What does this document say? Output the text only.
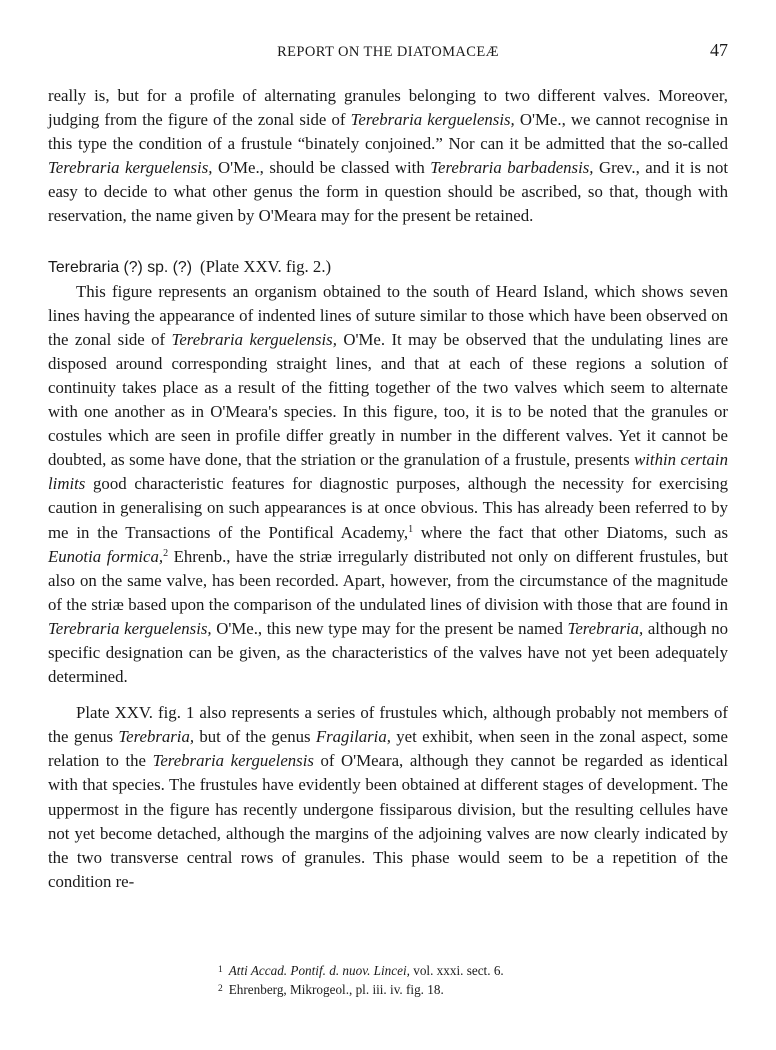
REPORT ON THE DIATOMACEÆ	47

really is, but for a profile of alternating granules belonging to two different valves. Moreover, judging from the figure of the zonal side of Terebraria kerguelensis, O'Me., we cannot recognise in this type the condition of a frustule “binately conjoined.” Nor can it be admitted that the so-called Terebraria kerguelensis, O'Me., should be classed with Terebraria barbadensis, Grev., and it is not easy to decide to what other genus the form in question should be ascribed, so that, though with reservation, the name given by O'Meara may for the present be retained.

Terebraria (?) sp. (?) (Plate XXV. fig. 2.)

This figure represents an organism obtained to the south of Heard Island, which shows seven lines having the appearance of indented lines of suture similar to those which have been observed on the zonal side of Terebraria kerguelensis, O'Me. It may be observed that the undulating lines are disposed around corresponding straight lines, and that at each of these regions a solution of continuity takes place as a result of the fitting together of the two valves which seem to alternate with one another as in O'Meara's species. In this figure, too, it is to be noted that the granules or costules which are seen in profile differ greatly in number in the different valves. Yet it cannot be doubted, as some have done, that the striation or the granulation of a frustule, presents within certain limits good characteristic features for diagnostic purposes, although the necessity for exercising caution in generalising on such appearances is at once obvious. This has already been referred to by me in the Transactions of the Pontifical Academy,$^1$ where the fact that other Diatoms, such as Eunotia formica,$^2$ Ehrenb., have the striæ irregularly distributed not only on different frustules, but also on the same valve, has been recorded. Apart, however, from the circumstance of the magnitude of the striæ based upon the comparison of the undulated lines of division with those that are found in Terebraria kerguelensis, O'Me., this new type may for the present be named Terebraria, although no specific designation can be given, as the characteristics of the valves have not yet been adequately determined.

Plate XXV. fig. 1 also represents a series of frustules which, although probably not members of the genus Terebraria, but of the genus Fragilaria, yet exhibit, when seen in the zonal aspect, some relation to the Terebraria kerguelensis of O'Meara, although they cannot be regarded as identical with that species. The frustules have evidently been obtained at different stages of development. The uppermost in the figure has recently undergone fissiparous division, but the resulting cellules have not yet become detached, although the margins of the adjoining valves are now clearly indicated by the two transverse central rows of granules. This phase would seem to be a repetition of the condition re-

$^1$ Atti Accad. Pontif. d. nuov. Lincei, vol. xxxi. sect. 6.
$^2$ Ehrenberg, Mikrogeol., pl. iii. iv. fig. 18.
